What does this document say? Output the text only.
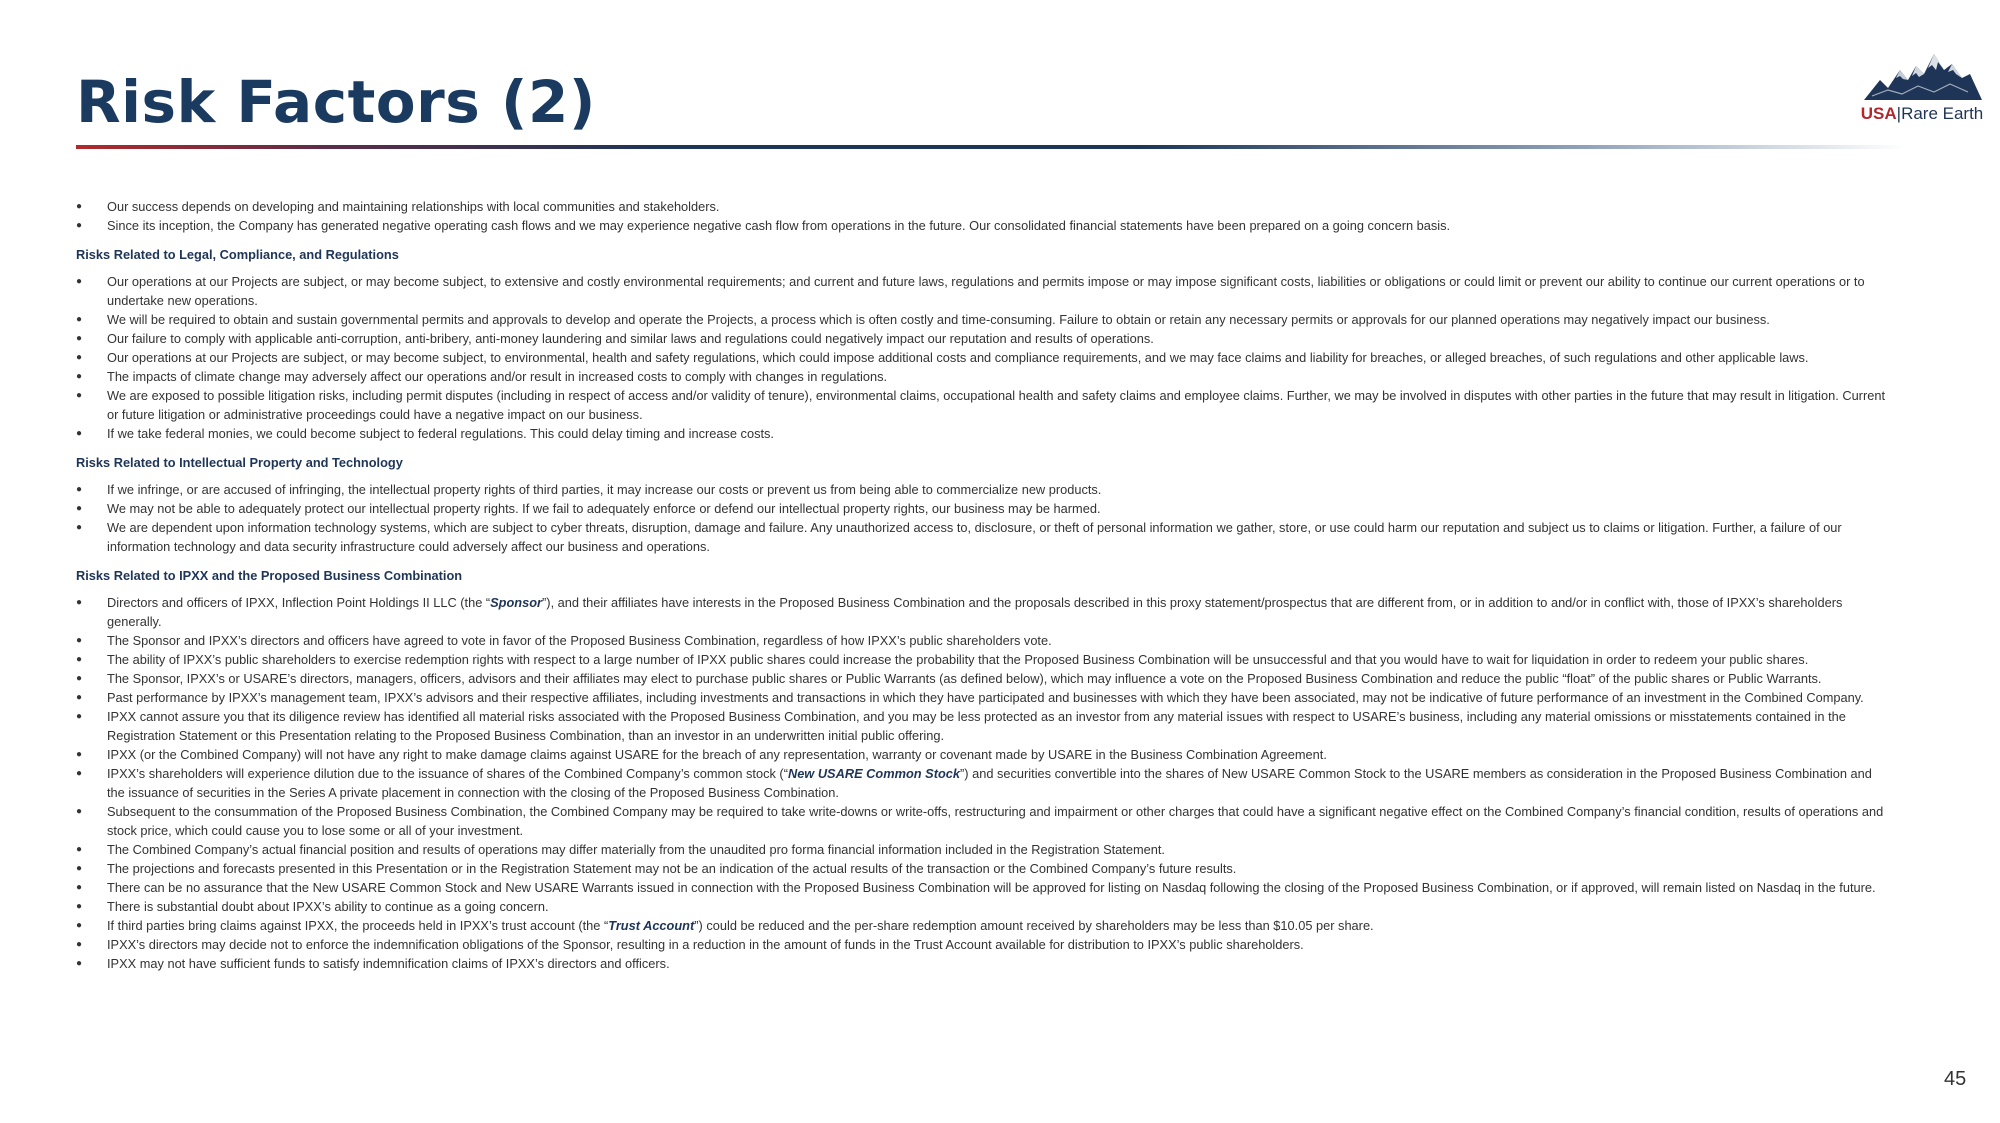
Risk Factors (2)	USA|Rare Earth
● Our success depends on developing and maintaining relationships with local communities and stakeholders.
● Since its inception, the Company has generated negative operating cash flows and we may experience negative cash flow from operations in the future. Our consolidated financial statements have been prepared on a going concern basis.
Risks Related to Legal, Compliance, and Regulations
● Our operations at our Projects are subject, or may become subject, to extensive and costly environmental requirements; and current and future laws, regulations and permits impose or may impose significant costs, liabilities or obligations or could limit or prevent our ability to continue our current operations or to undertake new operations.
● We will be required to obtain and sustain governmental permits and approvals to develop and operate the Projects, a process which is often costly and time-consuming. Failure to obtain or retain any necessary permits or approvals for our planned operations may negatively impact our business.
● Our failure to comply with applicable anti-corruption, anti-bribery, anti-money laundering and similar laws and regulations could negatively impact our reputation and results of operations.
● Our operations at our Projects are subject, or may become subject, to environmental, health and safety regulations, which could impose additional costs and compliance requirements, and we may face claims and liability for breaches, or alleged breaches, of such regulations and other applicable laws.
● The impacts of climate change may adversely affect our operations and/or result in increased costs to comply with changes in regulations.
● We are exposed to possible litigation risks, including permit disputes (including in respect of access and/or validity of tenure), environmental claims, occupational health and safety claims and employee claims. Further, we may be involved in disputes with other parties in the future that may result in litigation. Current or future litigation or administrative proceedings could have a negative impact on our business.
● If we take federal monies, we could become subject to federal regulations. This could delay timing and increase costs.
Risks Related to Intellectual Property and Technology
● If we infringe, or are accused of infringing, the intellectual property rights of third parties, it may increase our costs or prevent us from being able to commercialize new products.
● We may not be able to adequately protect our intellectual property rights. If we fail to adequately enforce or defend our intellectual property rights, our business may be harmed.
● We are dependent upon information technology systems, which are subject to cyber threats, disruption, damage and failure. Any unauthorized access to, disclosure, or theft of personal information we gather, store, or use could harm our reputation and subject us to claims or litigation. Further, a failure of our information technology and data security infrastructure could adversely affect our business and operations.
Risks Related to IPXX and the Proposed Business Combination
● Directors and officers of IPXX, Inflection Point Holdings II LLC (the “Sponsor”), and their affiliates have interests in the Proposed Business Combination and the proposals described in this proxy statement/prospectus that are different from, or in addition to and/or in conflict with, those of IPXX’s shareholders generally.
● The Sponsor and IPXX’s directors and officers have agreed to vote in favor of the Proposed Business Combination, regardless of how IPXX’s public shareholders vote.
● The ability of IPXX’s public shareholders to exercise redemption rights with respect to a large number of IPXX public shares could increase the probability that the Proposed Business Combination will be unsuccessful and that you would have to wait for liquidation in order to redeem your public shares.
● The Sponsor, IPXX’s or USARE’s directors, managers, officers, advisors and their affiliates may elect to purchase public shares or Public Warrants (as defined below), which may influence a vote on the Proposed Business Combination and reduce the public “float” of the public shares or Public Warrants.
● Past performance by IPXX’s management team, IPXX’s advisors and their respective affiliates, including investments and transactions in which they have participated and businesses with which they have been associated, may not be indicative of future performance of an investment in the Combined Company.
● IPXX cannot assure you that its diligence review has identified all material risks associated with the Proposed Business Combination, and you may be less protected as an investor from any material issues with respect to USARE’s business, including any material omissions or misstatements contained in the Registration Statement or this Presentation relating to the Proposed Business Combination, than an investor in an underwritten initial public offering.
● IPXX (or the Combined Company) will not have any right to make damage claims against USARE for the breach of any representation, warranty or covenant made by USARE in the Business Combination Agreement.
● IPXX’s shareholders will experience dilution due to the issuance of shares of the Combined Company’s common stock (“New USARE Common Stock”) and securities convertible into the shares of New USARE Common Stock to the USARE members as consideration in the Proposed Business Combination and the issuance of securities in the Series A private placement in connection with the closing of the Proposed Business Combination.
● Subsequent to the consummation of the Proposed Business Combination, the Combined Company may be required to take write-downs or write-offs, restructuring and impairment or other charges that could have a significant negative effect on the Combined Company’s financial condition, results of operations and stock price, which could cause you to lose some or all of your investment.
● The Combined Company’s actual financial position and results of operations may differ materially from the unaudited pro forma financial information included in the Registration Statement.
● The projections and forecasts presented in this Presentation or in the Registration Statement may not be an indication of the actual results of the transaction or the Combined Company’s future results.
● There can be no assurance that the New USARE Common Stock and New USARE Warrants issued in connection with the Proposed Business Combination will be approved for listing on Nasdaq following the closing of the Proposed Business Combination, or if approved, will remain listed on Nasdaq in the future.
● There is substantial doubt about IPXX’s ability to continue as a going concern.
● If third parties bring claims against IPXX, the proceeds held in IPXX’s trust account (the “Trust Account”) could be reduced and the per-share redemption amount received by shareholders may be less than $10.05 per share.
● IPXX’s directors may decide not to enforce the indemnification obligations of the Sponsor, resulting in a reduction in the amount of funds in the Trust Account available for distribution to IPXX’s public shareholders.
● IPXX may not have sufficient funds to satisfy indemnification claims of IPXX’s directors and officers.
45
